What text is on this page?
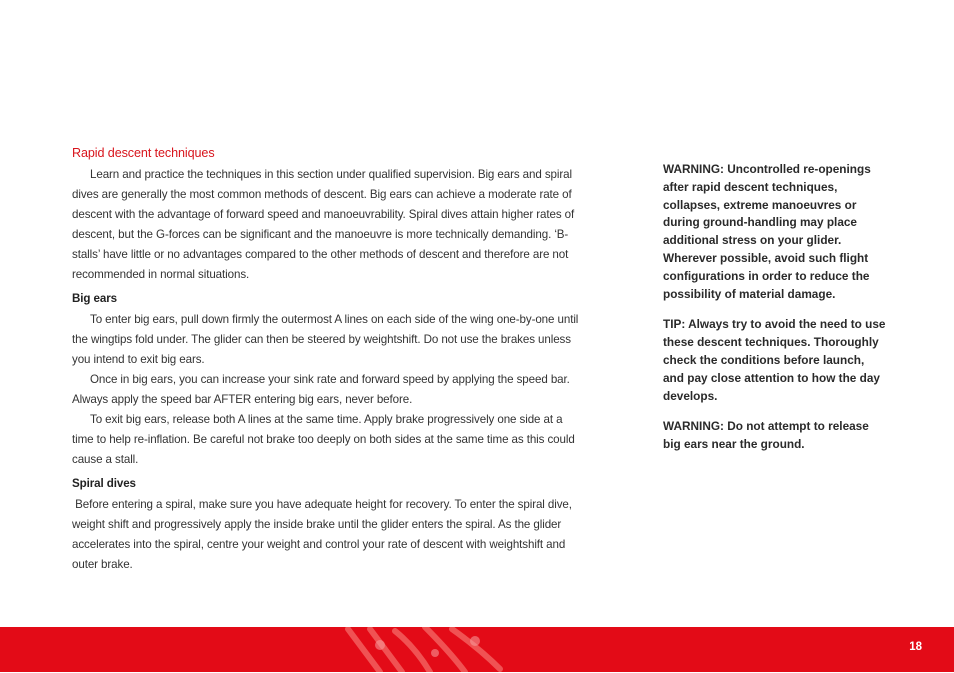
Rapid descent techniques

Learn and practice the techniques in this section under qualified supervision. Big ears and spiral dives are generally the most common methods of descent. Big ears can achieve a moderate rate of descent with the advantage of forward speed and manoeuvrability. Spiral dives attain higher rates of descent, but the G-forces can be significant and the manoeuvre is more technically demanding. ‘B-stalls’ have little or no advantages compared to the other methods of descent and therefore are not recommended in normal situations.

Big ears

To enter big ears, pull down firmly the outermost A lines on each side of the wing one-by-one until the wingtips fold under. The glider can then be steered by weightshift. Do not use the brakes unless you intend to exit big ears.

Once in big ears, you can increase your sink rate and forward speed by applying the speed bar. Always apply the speed bar AFTER entering big ears, never before.

To exit big ears, release both A lines at the same time. Apply brake progressively one side at a time to help re-inflation. Be careful not brake too deeply on both sides at the same time as this could cause a stall.

Spiral dives

Before entering a spiral, make sure you have adequate height for recovery. To enter the spiral dive, weight shift and progressively apply the inside brake until the glider enters the spiral. As the glider accelerates into the spiral, centre your weight and control your rate of descent with weightshift and outer brake.

WARNING: Uncontrolled re-openings after rapid descent techniques, collapses, extreme manoeuvres or during ground-handling may place additional stress on your glider. Wherever possible, avoid such flight configurations in order to reduce the possibility of material damage.

TIP: Always try to avoid the need to use these descent techniques. Thoroughly check the conditions before launch, and pay close attention to how the day develops.

WARNING: Do not attempt to release big ears near the ground.

18
